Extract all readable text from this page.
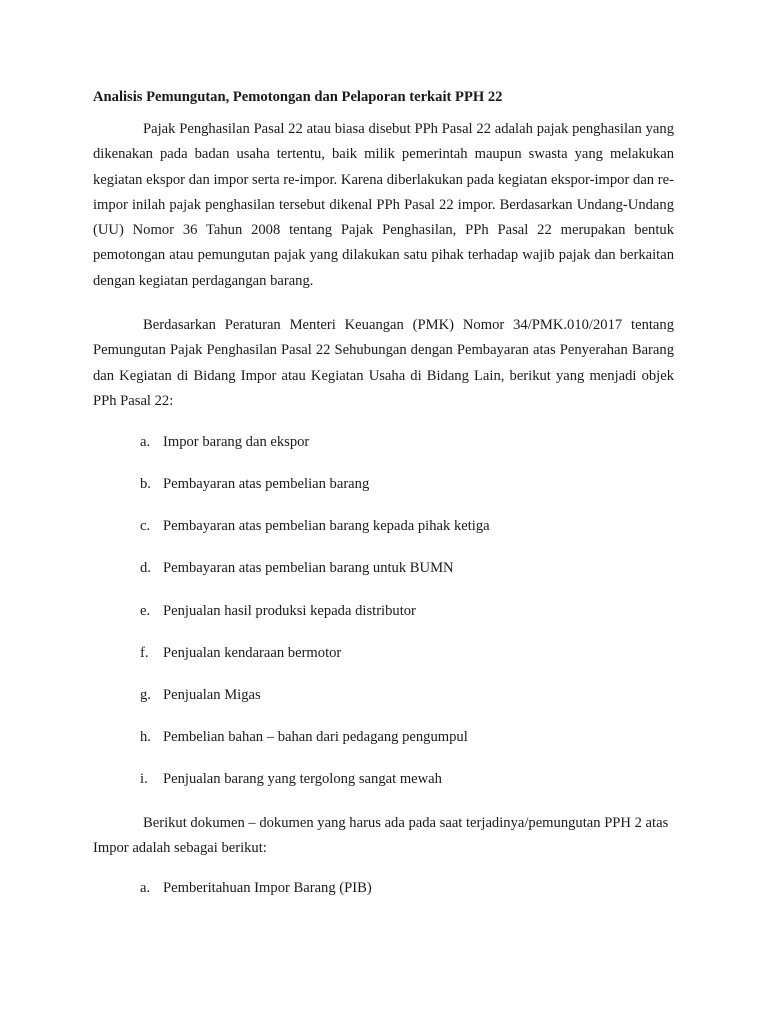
Analisis Pemungutan, Pemotongan dan Pelaporan terkait PPH 22

Pajak Penghasilan Pasal 22 atau biasa disebut PPh Pasal 22 adalah pajak penghasilan yang dikenakan pada badan usaha tertentu, baik milik pemerintah maupun swasta yang melakukan kegiatan ekspor dan impor serta re-impor. Karena diberlakukan pada kegiatan ekspor-impor dan re-impor inilah pajak penghasilan tersebut dikenal PPh Pasal 22 impor. Berdasarkan Undang-Undang (UU) Nomor 36 Tahun 2008 tentang Pajak Penghasilan, PPh Pasal 22 merupakan bentuk pemotongan atau pemungutan pajak yang dilakukan satu pihak terhadap wajib pajak dan berkaitan dengan kegiatan perdagangan barang.

Berdasarkan Peraturan Menteri Keuangan (PMK) Nomor 34/PMK.010/2017 tentang Pemungutan Pajak Penghasilan Pasal 22 Sehubungan dengan Pembayaran atas Penyerahan Barang dan Kegiatan di Bidang Impor atau Kegiatan Usaha di Bidang Lain, berikut yang menjadi objek PPh Pasal 22:

a. Impor barang dan ekspor
b. Pembayaran atas pembelian barang
c. Pembayaran atas pembelian barang kepada pihak ketiga
d. Pembayaran atas pembelian barang untuk BUMN
e. Penjualan hasil produksi kepada distributor
f. Penjualan kendaraan bermotor
g. Penjualan Migas
h. Pembelian bahan – bahan dari pedagang pengumpul
i. Penjualan barang yang tergolong sangat mewah

Berikut dokumen – dokumen yang harus ada pada saat terjadinya/pemungutan PPH 2 atas Impor adalah sebagai berikut:

a. Pemberitahuan Impor Barang (PIB)
